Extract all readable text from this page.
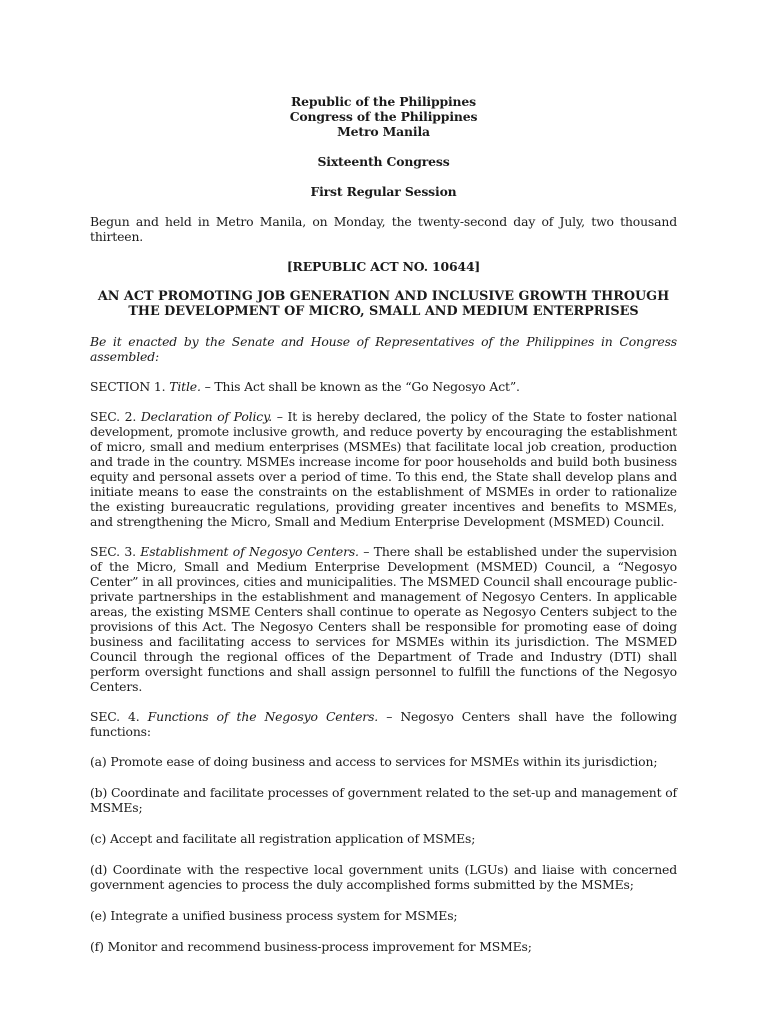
Republic of the Philippines
Congress of the Philippines
Metro Manila
Sixteenth Congress
First Regular Session

Begun and held in Metro Manila, on Monday, the twenty-second day of July, two thousand thirteen.

[REPUBLIC ACT NO. 10644]
AN ACT PROMOTING JOB GENERATION AND INCLUSIVE GROWTH THROUGH THE DEVELOPMENT OF MICRO, SMALL AND MEDIUM ENTERPRISES

Be it enacted by the Senate and House of Representatives of the Philippines in Congress assembled:

SECTION 1. Title. – This Act shall be known as the “Go Negosyo Act”.

SEC. 2. Declaration of Policy. – It is hereby declared, the policy of the State to foster national development, promote inclusive growth, and reduce poverty by encouraging the establishment of micro, small and medium enterprises (MSMEs) that facilitate local job creation, production and trade in the country. MSMEs increase income for poor households and build both business equity and personal assets over a period of time. To this end, the State shall develop plans and initiate means to ease the constraints on the establishment of MSMEs in order to rationalize the existing bureaucratic regulations, providing greater incentives and benefits to MSMEs, and strengthening the Micro, Small and Medium Enterprise Development (MSMED) Council.

SEC. 3. Establishment of Negosyo Centers. – There shall be established under the supervision of the Micro, Small and Medium Enterprise Development (MSMED) Council, a “Negosyo Center” in all provinces, cities and municipalities. The MSMED Council shall encourage public-private partnerships in the establishment and management of Negosyo Centers. In applicable areas, the existing MSME Centers shall continue to operate as Negosyo Centers subject to the provisions of this Act. The Negosyo Centers shall be responsible for promoting ease of doing business and facilitating access to services for MSMEs within its jurisdiction. The MSMED Council through the regional offices of the Department of Trade and Industry (DTI) shall perform oversight functions and shall assign personnel to fulfill the functions of the Negosyo Centers.

SEC. 4. Functions of the Negosyo Centers. – Negosyo Centers shall have the following functions:

(a) Promote ease of doing business and access to services for MSMEs within its jurisdiction;

(b) Coordinate and facilitate processes of government related to the set-up and management of MSMEs;

(c) Accept and facilitate all registration application of MSMEs;

(d) Coordinate with the respective local government units (LGUs) and liaise with concerned government agencies to process the duly accomplished forms submitted by the MSMEs;

(e) Integrate a unified business process system for MSMEs;

(f) Monitor and recommend business-process improvement for MSMEs;
